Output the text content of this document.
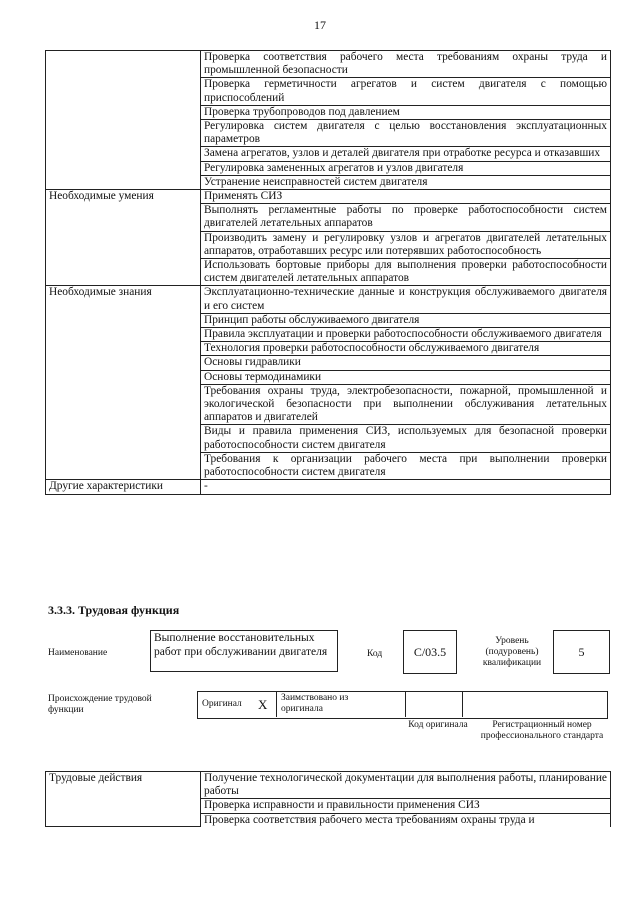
17
	Проверка соответствия рабочего места требованиям охраны труда и промышленной безопасности
	Проверка герметичности агрегатов и систем двигателя с помощью приспособлений
	Проверка трубопроводов под давлением
	Регулировка систем двигателя с целью восстановления эксплуатационных параметров
	Замена агрегатов, узлов и деталей двигателя при отработке ресурса и отказавших
	Регулировка замененных агрегатов и узлов двигателя
	Устранение неисправностей систем двигателя
Необходимые умения	Применять СИЗ
	Выполнять регламентные работы по проверке работоспособности систем двигателей летательных аппаратов
	Производить замену и регулировку узлов и агрегатов двигателей летательных аппаратов, отработавших ресурс или потерявших работоспособность
	Использовать бортовые приборы для выполнения проверки работоспособности систем двигателей летательных аппаратов
Необходимые знания	Эксплуатационно-технические данные и конструкция обслуживаемого двигателя и его систем
	Принцип работы обслуживаемого двигателя
	Правила эксплуатации и проверки работоспособности обслуживаемого двигателя
	Технология проверки работоспособности обслуживаемого двигателя
	Основы гидравлики
	Основы термодинамики
	Требования охраны труда, электробезопасности, пожарной, промышленной и экологической безопасности при выполнении обслуживания летательных аппаратов и двигателей
	Виды и правила применения СИЗ, используемых для безопасной проверки работоспособности систем двигателя
	Требования к организации рабочего места при выполнении проверки работоспособности систем двигателя
Другие характеристики	-
3.3.3. Трудовая функция
Наименование
Выполнение восстановительных работ при обслуживании двигателя	Код	С/03.5
Уровень (подуровень) квалификации
5
Происхождение трудовой функции
Оригинал X Заимствовано из оригинала
Код оригинала	Регистрационный номер профессионального стандарта
Трудовые действия	Получение технологической документации для выполнения работы, планирование работы
Проверка исправности и правильности применения СИЗ
Проверка соответствия рабочего места требованиям охраны труда и
